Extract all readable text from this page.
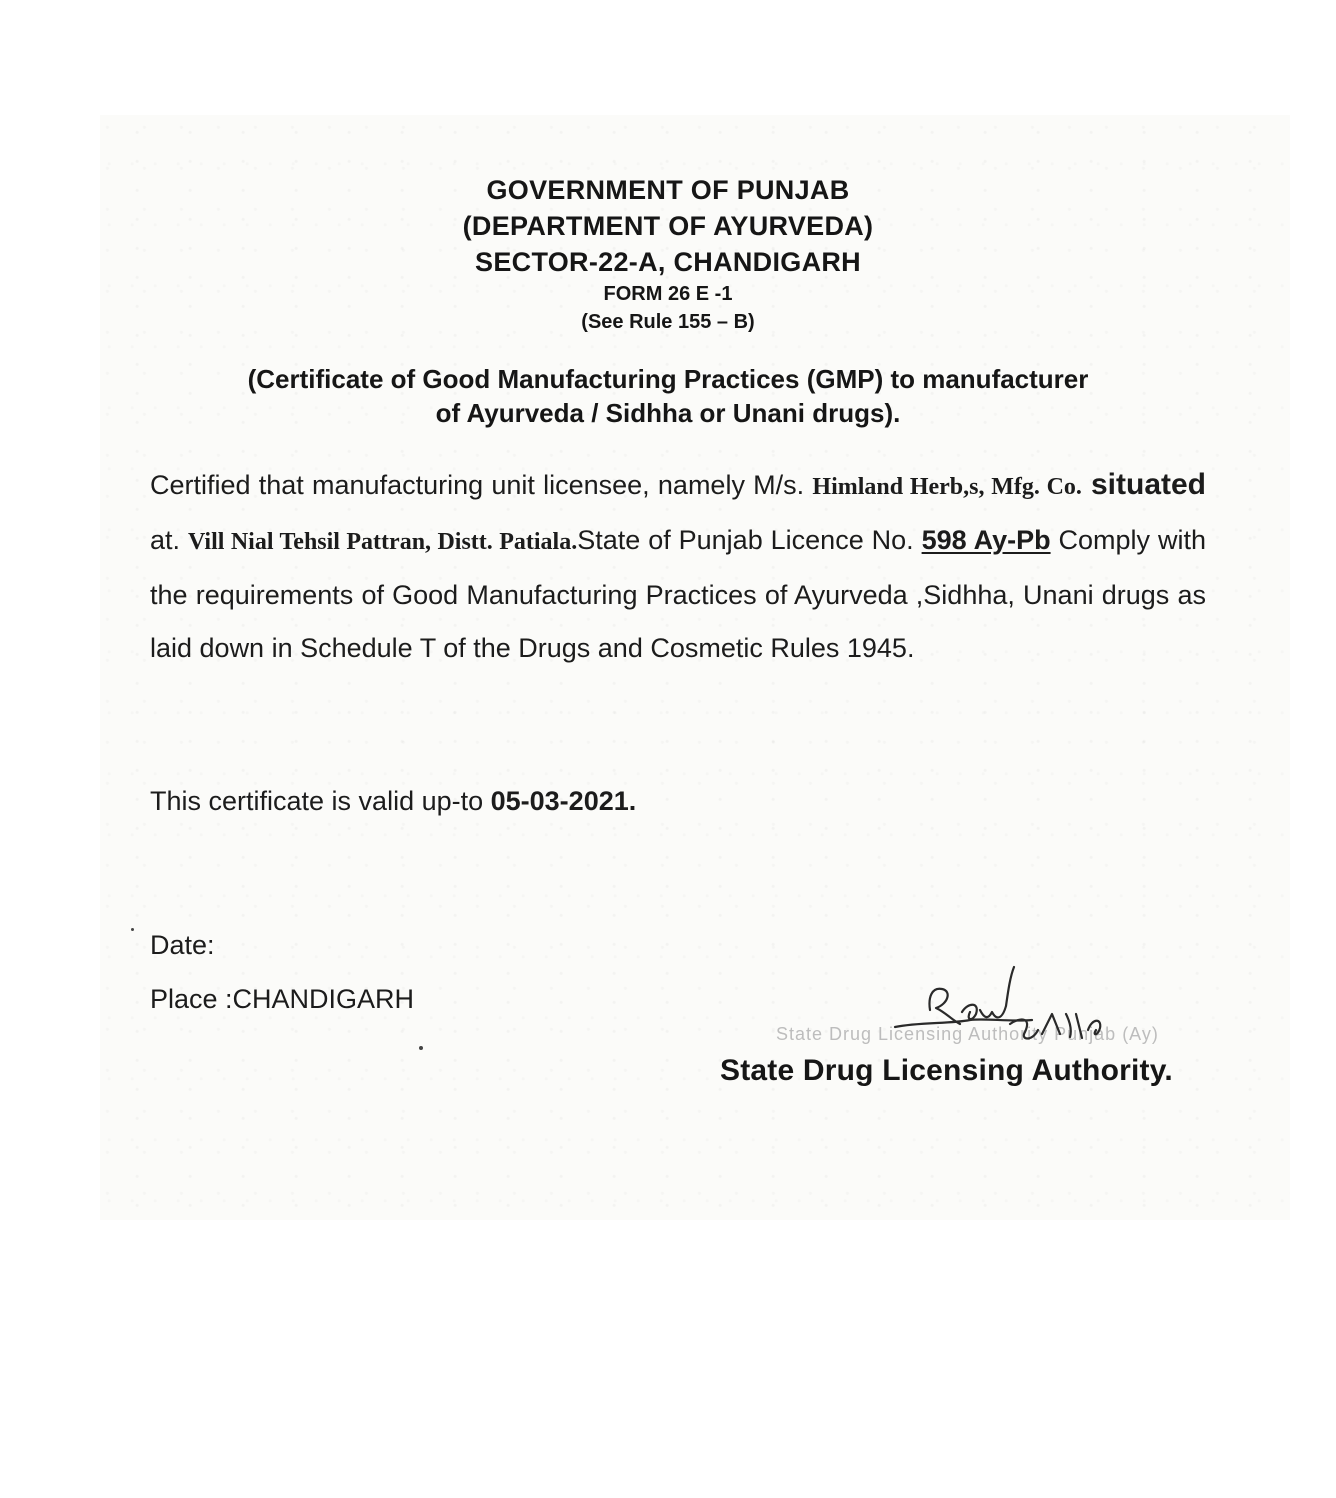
GOVERNMENT OF PUNJAB
(DEPARTMENT OF AYURVEDA)
SECTOR-22-A, CHANDIGARH
FORM 26 E -1
(See Rule 155 – B)
(Certificate of Good Manufacturing Practices (GMP) to manufacturer
of Ayurveda / Sidhha or Unani drugs).
Certified that manufacturing unit licensee, namely M/s. Himland Herb,s, Mfg. Co. situated at. Vill Nial Tehsil Pattran, Distt. Patiala.State of Punjab Licence No. 598 Ay-Pb Comply with the requirements of Good Manufacturing Practices of Ayurveda ,Sidhha, Unani drugs as laid down in Schedule T of the Drugs and Cosmetic Rules 1945.
This certificate is valid up-to 05-03-2021.
Date:
Place :CHANDIGARH
State Drug Licensing Authority Punjab (Ay)
State Drug Licensing Authority.
